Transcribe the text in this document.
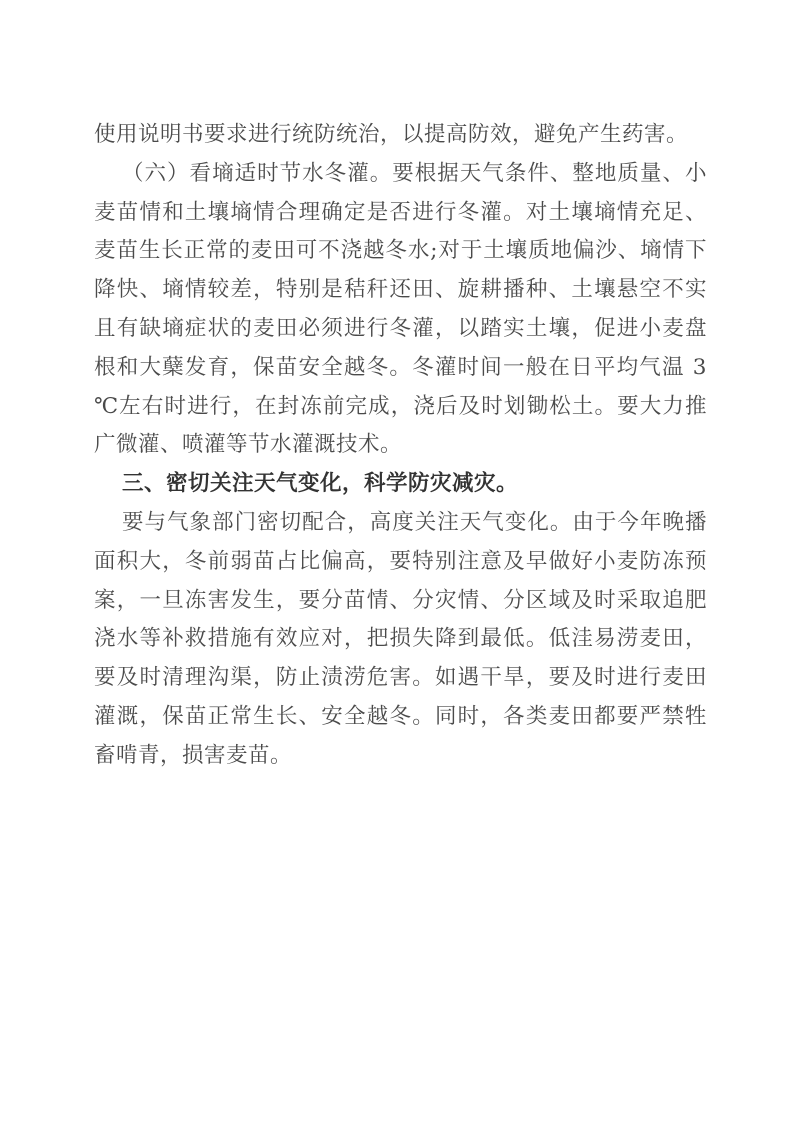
使用说明书要求进行统防统治，以提高防效，避免产生药害。

（六）看墒适时节水冬灌。要根据天气条件、整地质量、小麦苗情和土壤墒情合理确定是否进行冬灌。对土壤墒情充足、麦苗生长正常的麦田可不浇越冬水;对于土壤质地偏沙、墒情下降快、墒情较差，特别是秸秆还田、旋耕播种、土壤悬空不实且有缺墒症状的麦田必须进行冬灌，以踏实土壤，促进小麦盘根和大蘖发育，保苗安全越冬。冬灌时间一般在日平均气温 3 ℃左右时进行，在封冻前完成，浇后及时划锄松土。要大力推广微灌、喷灌等节水灌溉技术。

三、密切关注天气变化，科学防灾减灾。

要与气象部门密切配合，高度关注天气变化。由于今年晚播面积大，冬前弱苗占比偏高，要特别注意及早做好小麦防冻预案，一旦冻害发生，要分苗情、分灾情、分区域及时采取追肥浇水等补救措施有效应对，把损失降到最低。低洼易涝麦田，要及时清理沟渠，防止渍涝危害。如遇干旱，要及时进行麦田灌溉，保苗正常生长、安全越冬。同时，各类麦田都要严禁牲畜啃青，损害麦苗。
